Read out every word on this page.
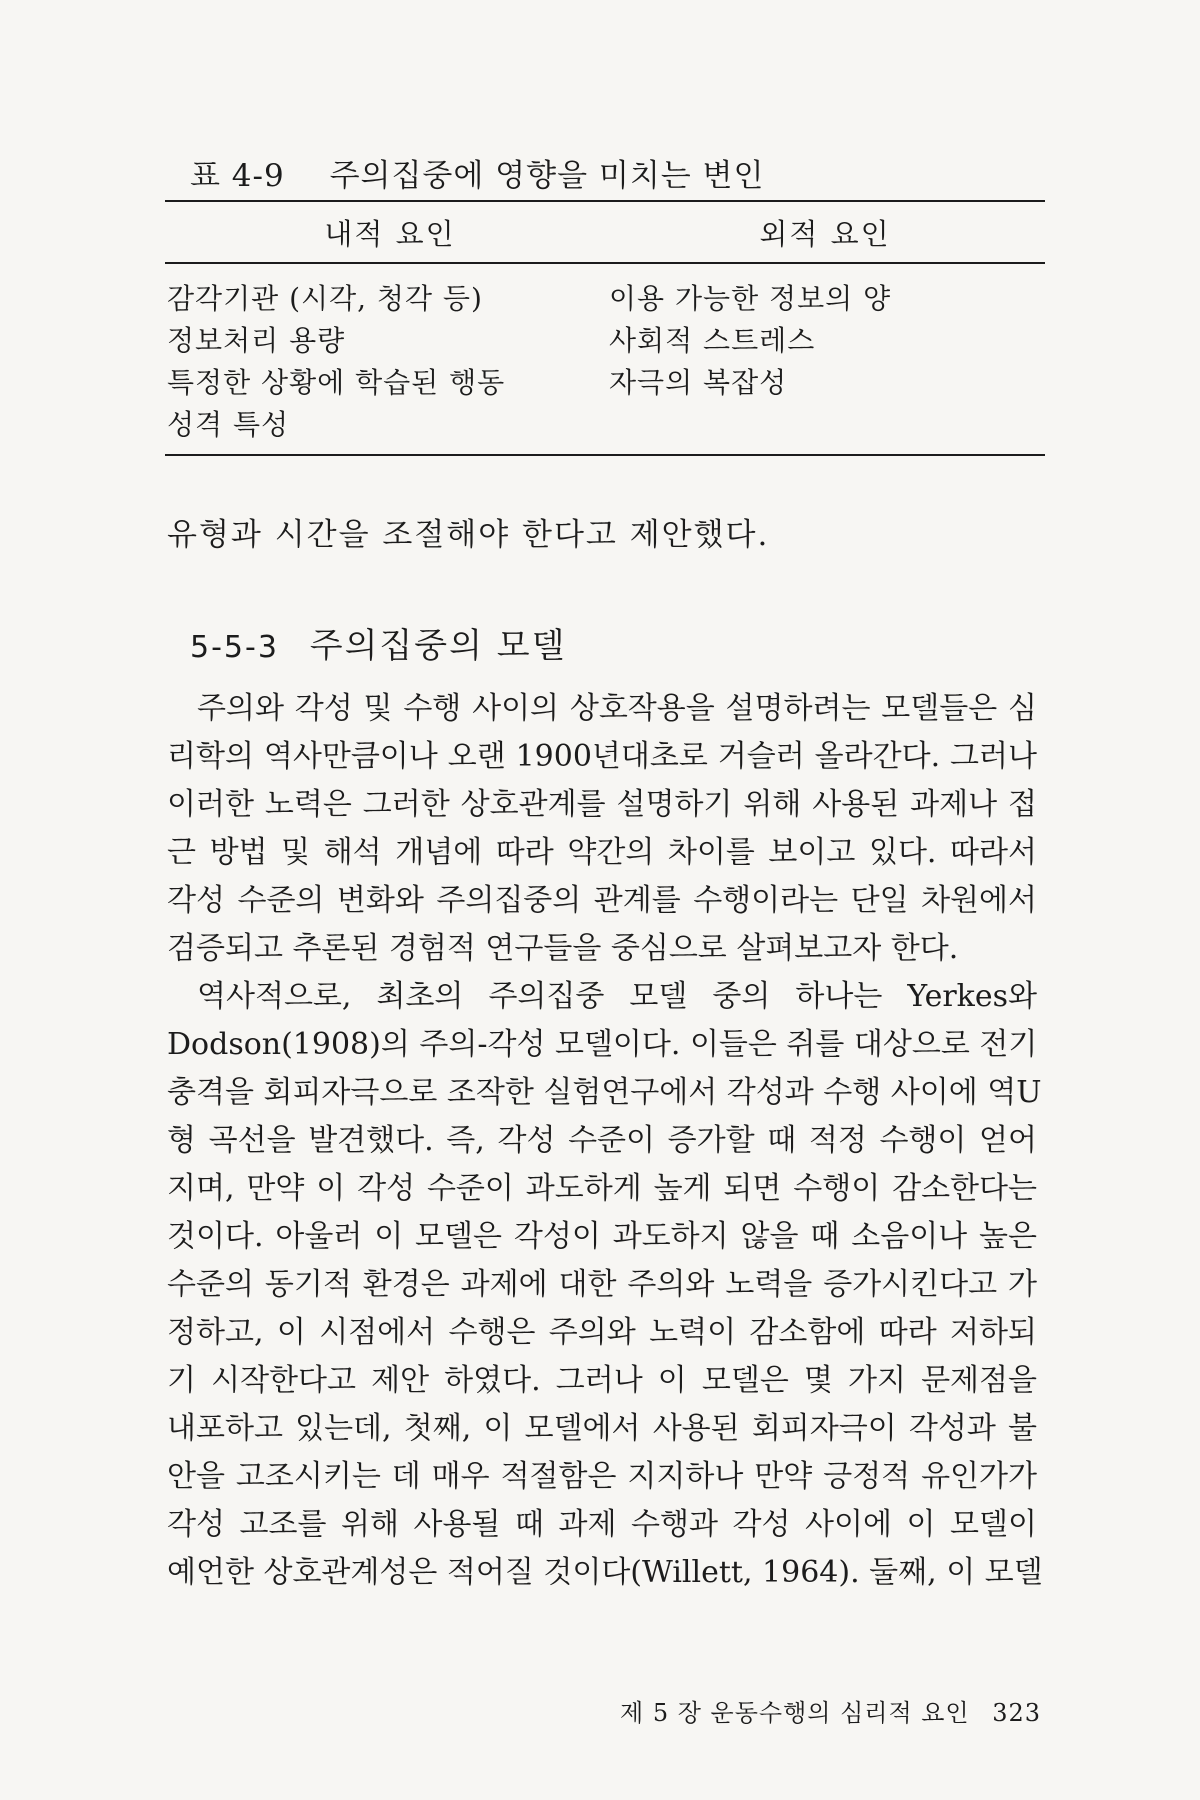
표 4-9 주의집중에 영향을 미치는 변인
내적 요인	외적 요인
감각기관 (시각, 청각 등)
정보처리 용량
특정한 상황에 학습된 행동
성격 특성
이용 가능한 정보의 양
사회적 스트레스
자극의 복잡성
유형과 시간을 조절해야 한다고 제안했다.
5-5-3 주의집중의 모델
주의와 각성 및 수행 사이의 상호작용을 설명하려는 모델들은 심
리학의 역사만큼이나 오랜 1900년대초로 거슬러 올라간다. 그러나
이러한 노력은 그러한 상호관계를 설명하기 위해 사용된 과제나 접
근 방법 및 해석 개념에 따라 약간의 차이를 보이고 있다. 따라서
각성 수준의 변화와 주의집중의 관계를 수행이라는 단일 차원에서
검증되고 추론된 경험적 연구들을 중심으로 살펴보고자 한다.
역사적으로, 최초의 주의집중 모델 중의 하나는 Yerkes와
Dodson(1908)의 주의-각성 모델이다. 이들은 쥐를 대상으로 전기
충격을 회피자극으로 조작한 실험연구에서 각성과 수행 사이에 역U
형 곡선을 발견했다. 즉, 각성 수준이 증가할 때 적정 수행이 얻어
지며, 만약 이 각성 수준이 과도하게 높게 되면 수행이 감소한다는
것이다. 아울러 이 모델은 각성이 과도하지 않을 때 소음이나 높은
수준의 동기적 환경은 과제에 대한 주의와 노력을 증가시킨다고 가
정하고, 이 시점에서 수행은 주의와 노력이 감소함에 따라 저하되
기 시작한다고 제안 하였다. 그러나 이 모델은 몇 가지 문제점을
내포하고 있는데, 첫째, 이 모델에서 사용된 회피자극이 각성과 불
안을 고조시키는 데 매우 적절함은 지지하나 만약 긍정적 유인가가
각성 고조를 위해 사용될 때 과제 수행과 각성 사이에 이 모델이
예언한 상호관계성은 적어질 것이다(Willett, 1964). 둘째, 이 모델
제 5 장 운동수행의 심리적 요인 323
